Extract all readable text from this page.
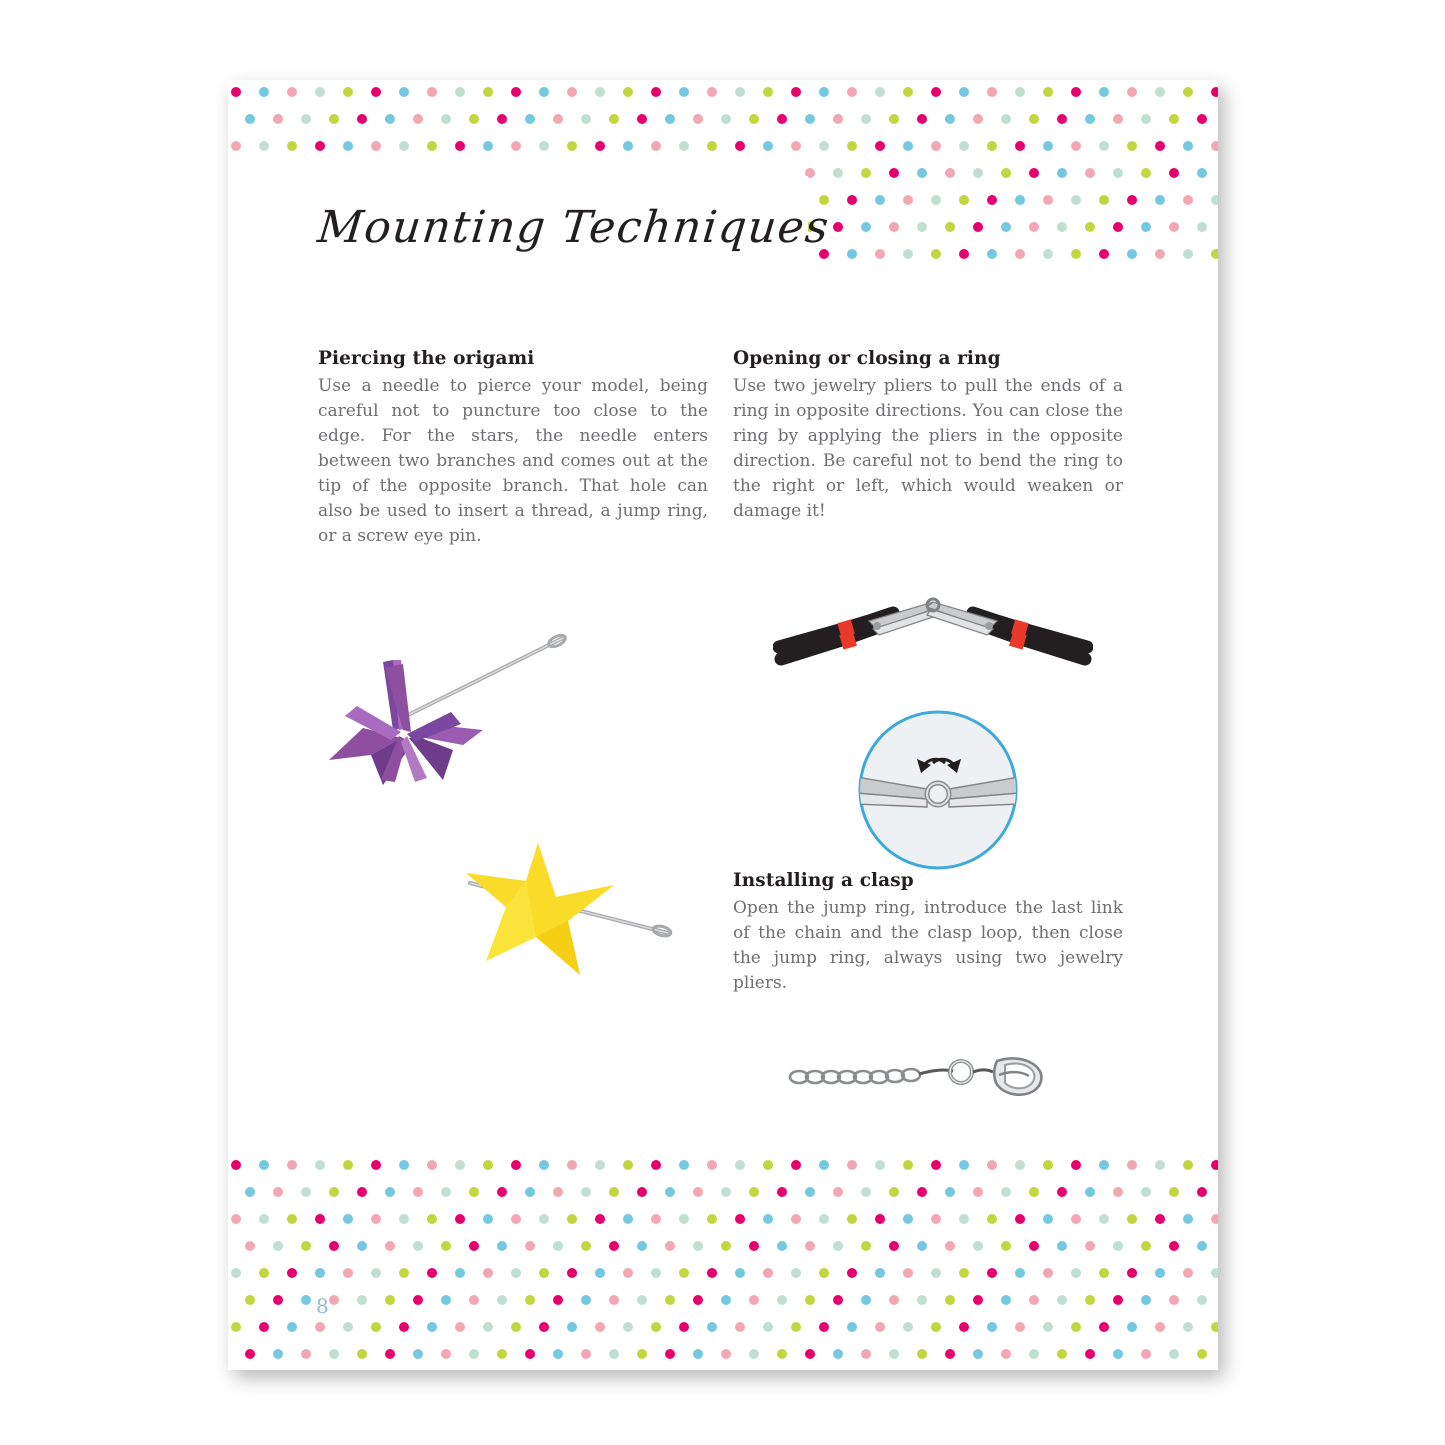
Mounting Techniques
Piercing the origami

Use a needle to pierce your model, being careful not to puncture too close to the edge. For the stars, the needle enters between two branches and comes out at the tip of the opposite branch. That hole can also be used to insert a thread, a jump ring, or a screw eye pin.

Opening or closing a ring

Use two jewelry pliers to pull the ends of a ring in opposite directions. You can close the ring by applying the pliers in the opposite direction. Be careful not to bend the ring to the right or left, which would weaken or damage it!

Installing a clasp

Open the jump ring, introduce the last link of the chain and the clasp loop, then close the jump ring, always using two jewelry pliers.

8
